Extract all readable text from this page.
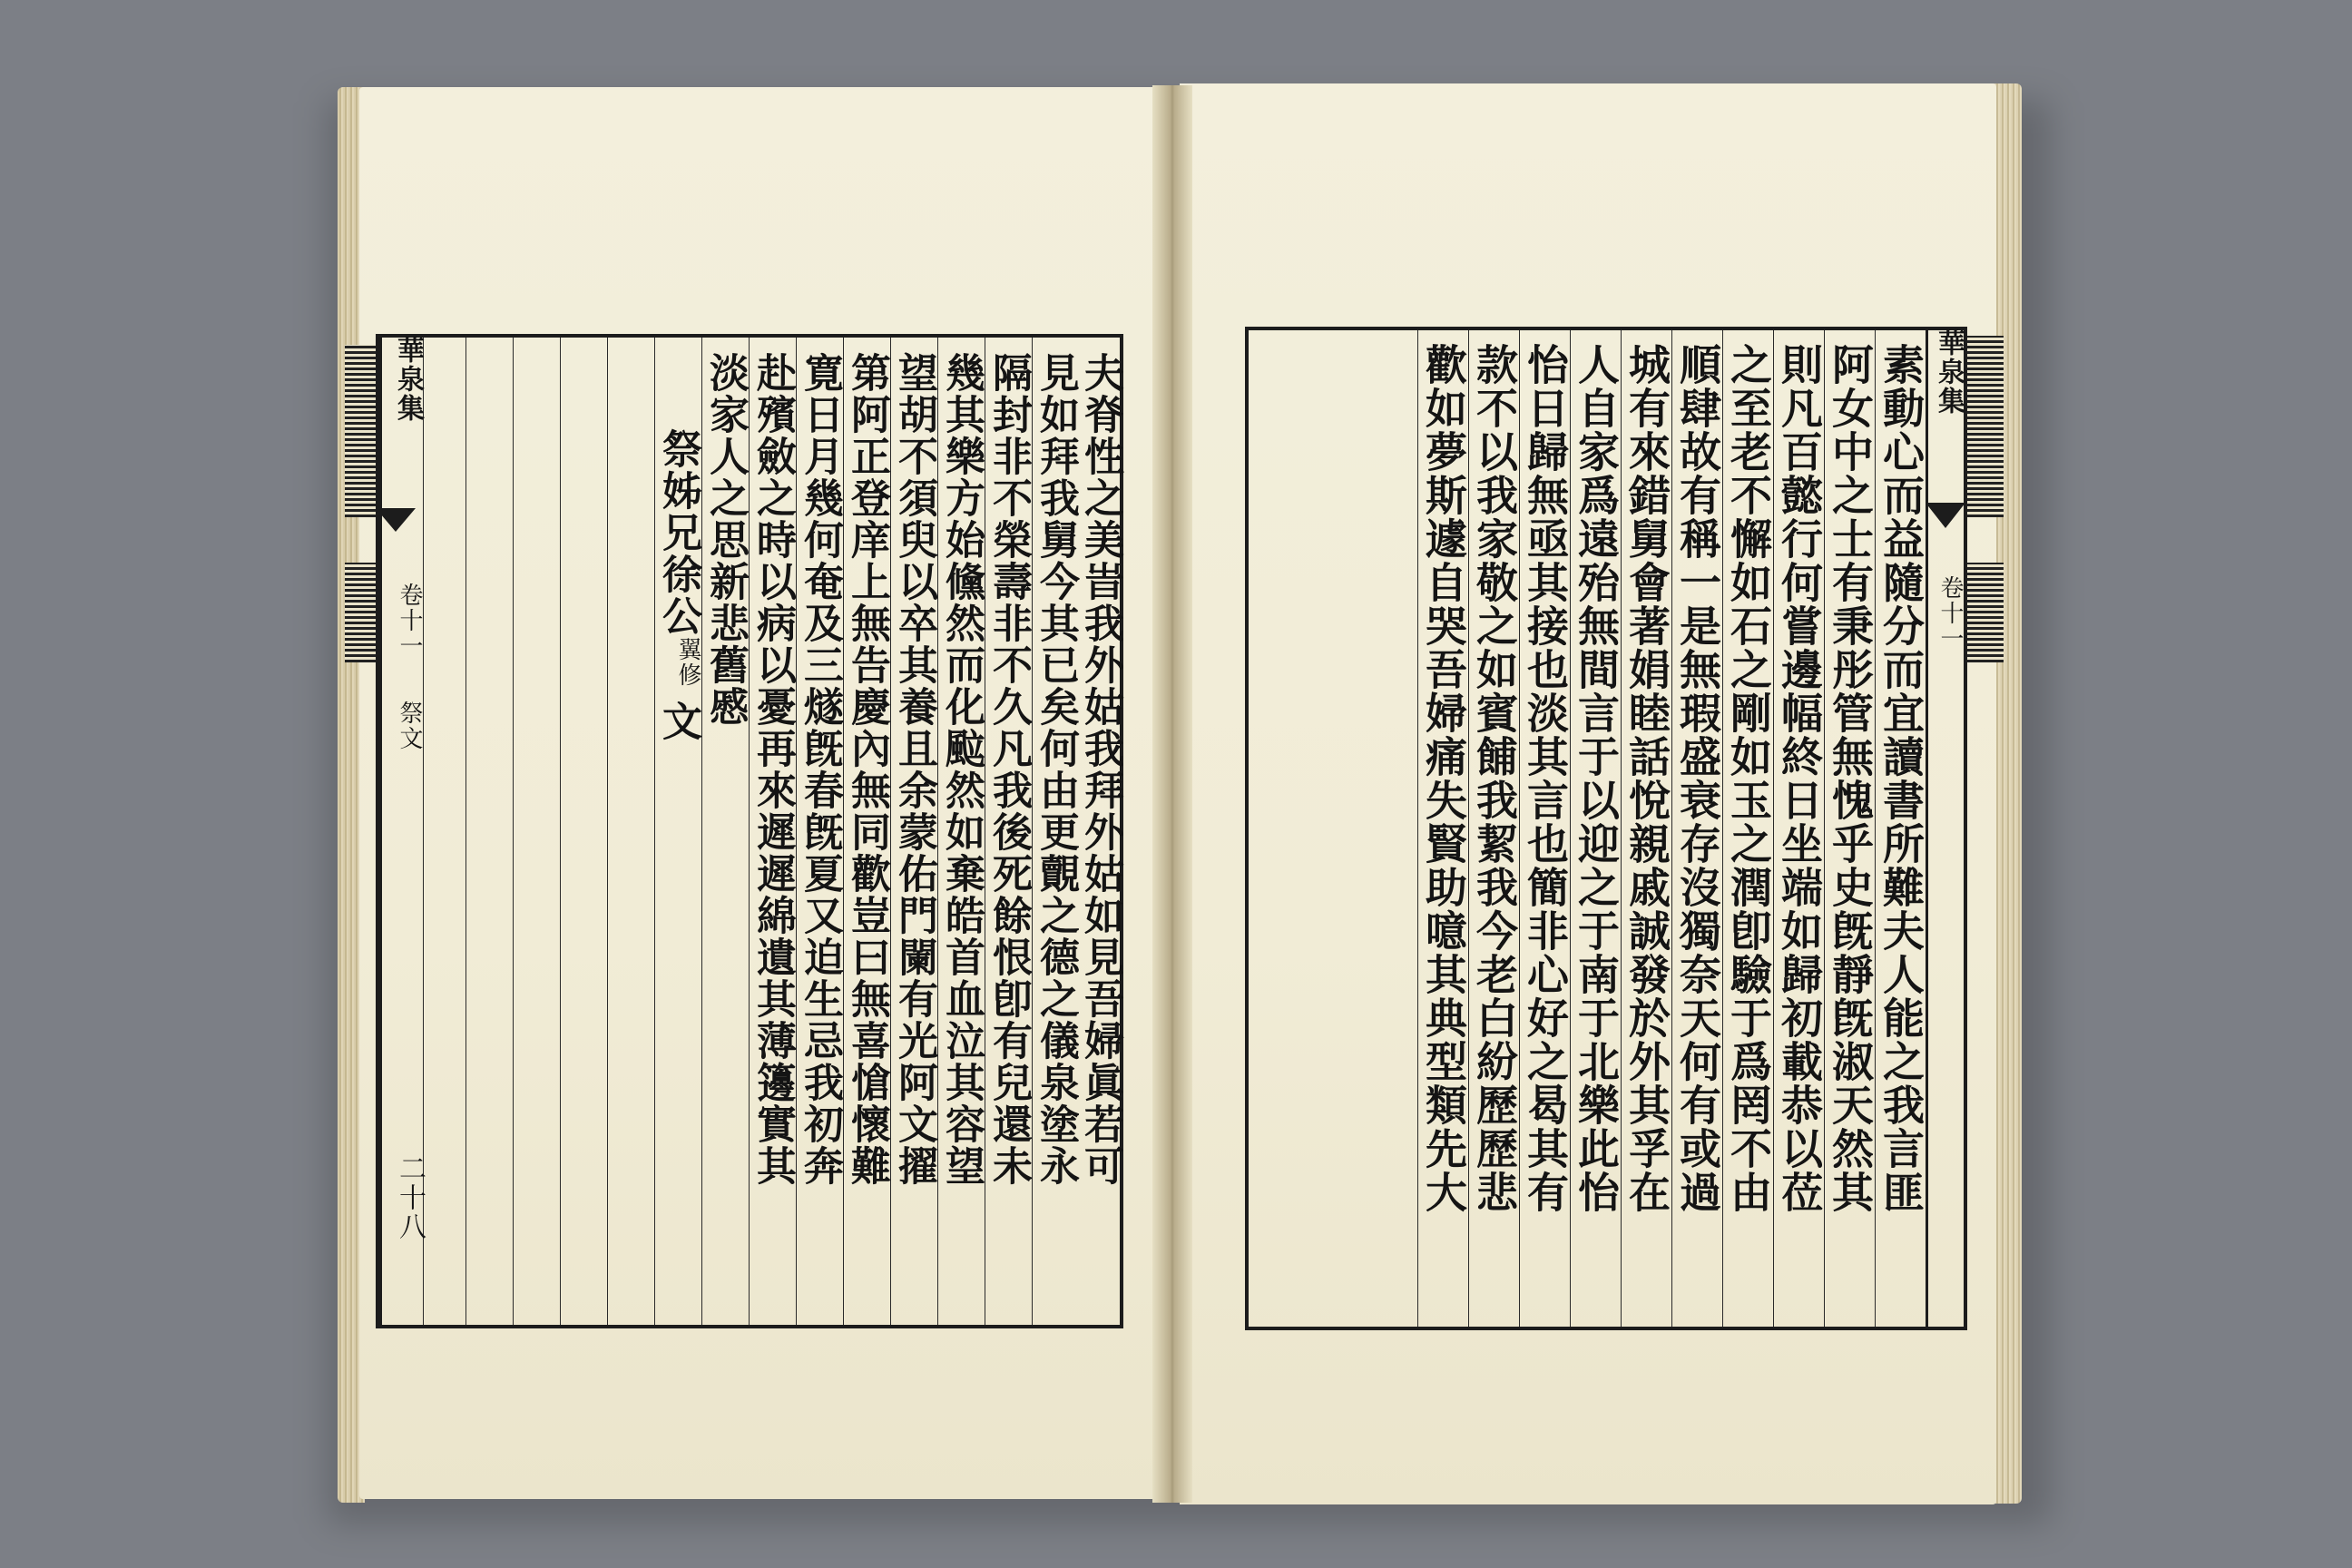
夫脊性之美旹我外姑我拜外姑如見吾婦眞若可
見如拜我舅今其已矣何由更覿之德之儀泉塗永
隔封非不榮壽非不久凡我後死餘恨卽有兒還未
幾其樂方始儵然而化䬃然如棄皓首血泣其容望
望胡不須臾以卒其養且余蒙佑門闌有光阿文擢
第阿正登庠上無告慶內無同歡豈曰無喜愴懷難
寛日月幾何奄及三燧旣春旣夏又迫生忌我初奔
赴殯斂之時以病以憂再來遲遲綿遺其薄籩實其
淡家人之思新悲舊慼
祭姊兄徐公
翼修
文
華泉集
卷十一
祭文
二十八	素動心而益隨分而宜讀書所難夫人能之我言匪
阿女中之士有秉彤管無愧乎史旣靜旣淑天然其
則凡百懿行何嘗邊幅終日坐端如歸初載恭以莅
之至老不懈如石之剛如玉之潤卽驗于爲罔不由
順肆故有稱一是無瑕盛衰存沒獨奈天何有或過
城有來錯舅會著娟睦話悅親戚誠發於外其孚在
人自家爲遠殆無間言于以迎之于南于北樂此怡
怡日歸無亟其接也淡其言也簡非心好之曷其有
款不以我家敬之如賓餔我絜我今老白紛歷歷悲
歡如夢斯遽自哭吾婦痛失賢助噫其典型類先大	華泉集
卷十一
